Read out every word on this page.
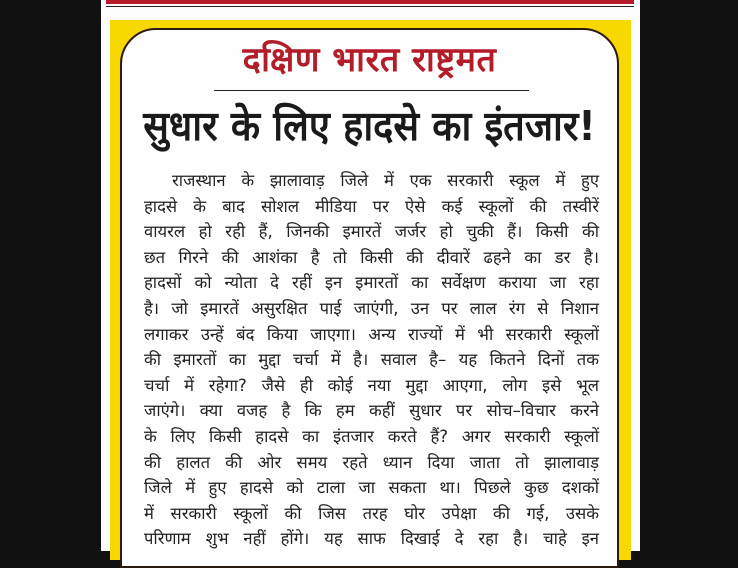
दक्षिण भारत राष्ट्रमत
सुधार के लिए हादसे का इंतजार!
राजस्थान के झालावाड़ जिले में एक सरकारी स्कूल में हुए
हादसे के बाद सोशल मीडिया पर ऐसे कई स्कूलों की तस्वीरें
वायरल हो रही हैं, जिनकी इमारतें जर्जर हो चुकी हैं। किसी की
छत गिरने की आशंका है तो किसी की दीवारें ढहने का डर है।
हादसों को न्योता दे रहीं इन इमारतों का सर्वेक्षण कराया जा रहा
है। जो इमारतें असुरक्षित पाई जाएंगी, उन पर लाल रंग से निशान
लगाकर उन्हें बंद किया जाएगा। अन्य राज्यों में भी सरकारी स्कूलों
की इमारतों का मुद्दा चर्चा में है। सवाल है– यह कितने दिनों तक
चर्चा में रहेगा? जैसे ही कोई नया मुद्दा आएगा, लोग इसे भूल
जाएंगे। क्या वजह है कि हम कहीं सुधार पर सोच–विचार करने
के लिए किसी हादसे का इंतजार करते हैं? अगर सरकारी स्कूलों
की हालत की ओर समय रहते ध्यान दिया जाता तो झालावाड़
जिले में हुए हादसे को टाला जा सकता था। पिछले कुछ दशकों
में सरकारी स्कूलों की जिस तरह घोर उपेक्षा की गई, उसके
परिणाम शुभ नहीं होंगे। यह साफ दिखाई दे रहा है। चाहे इन
